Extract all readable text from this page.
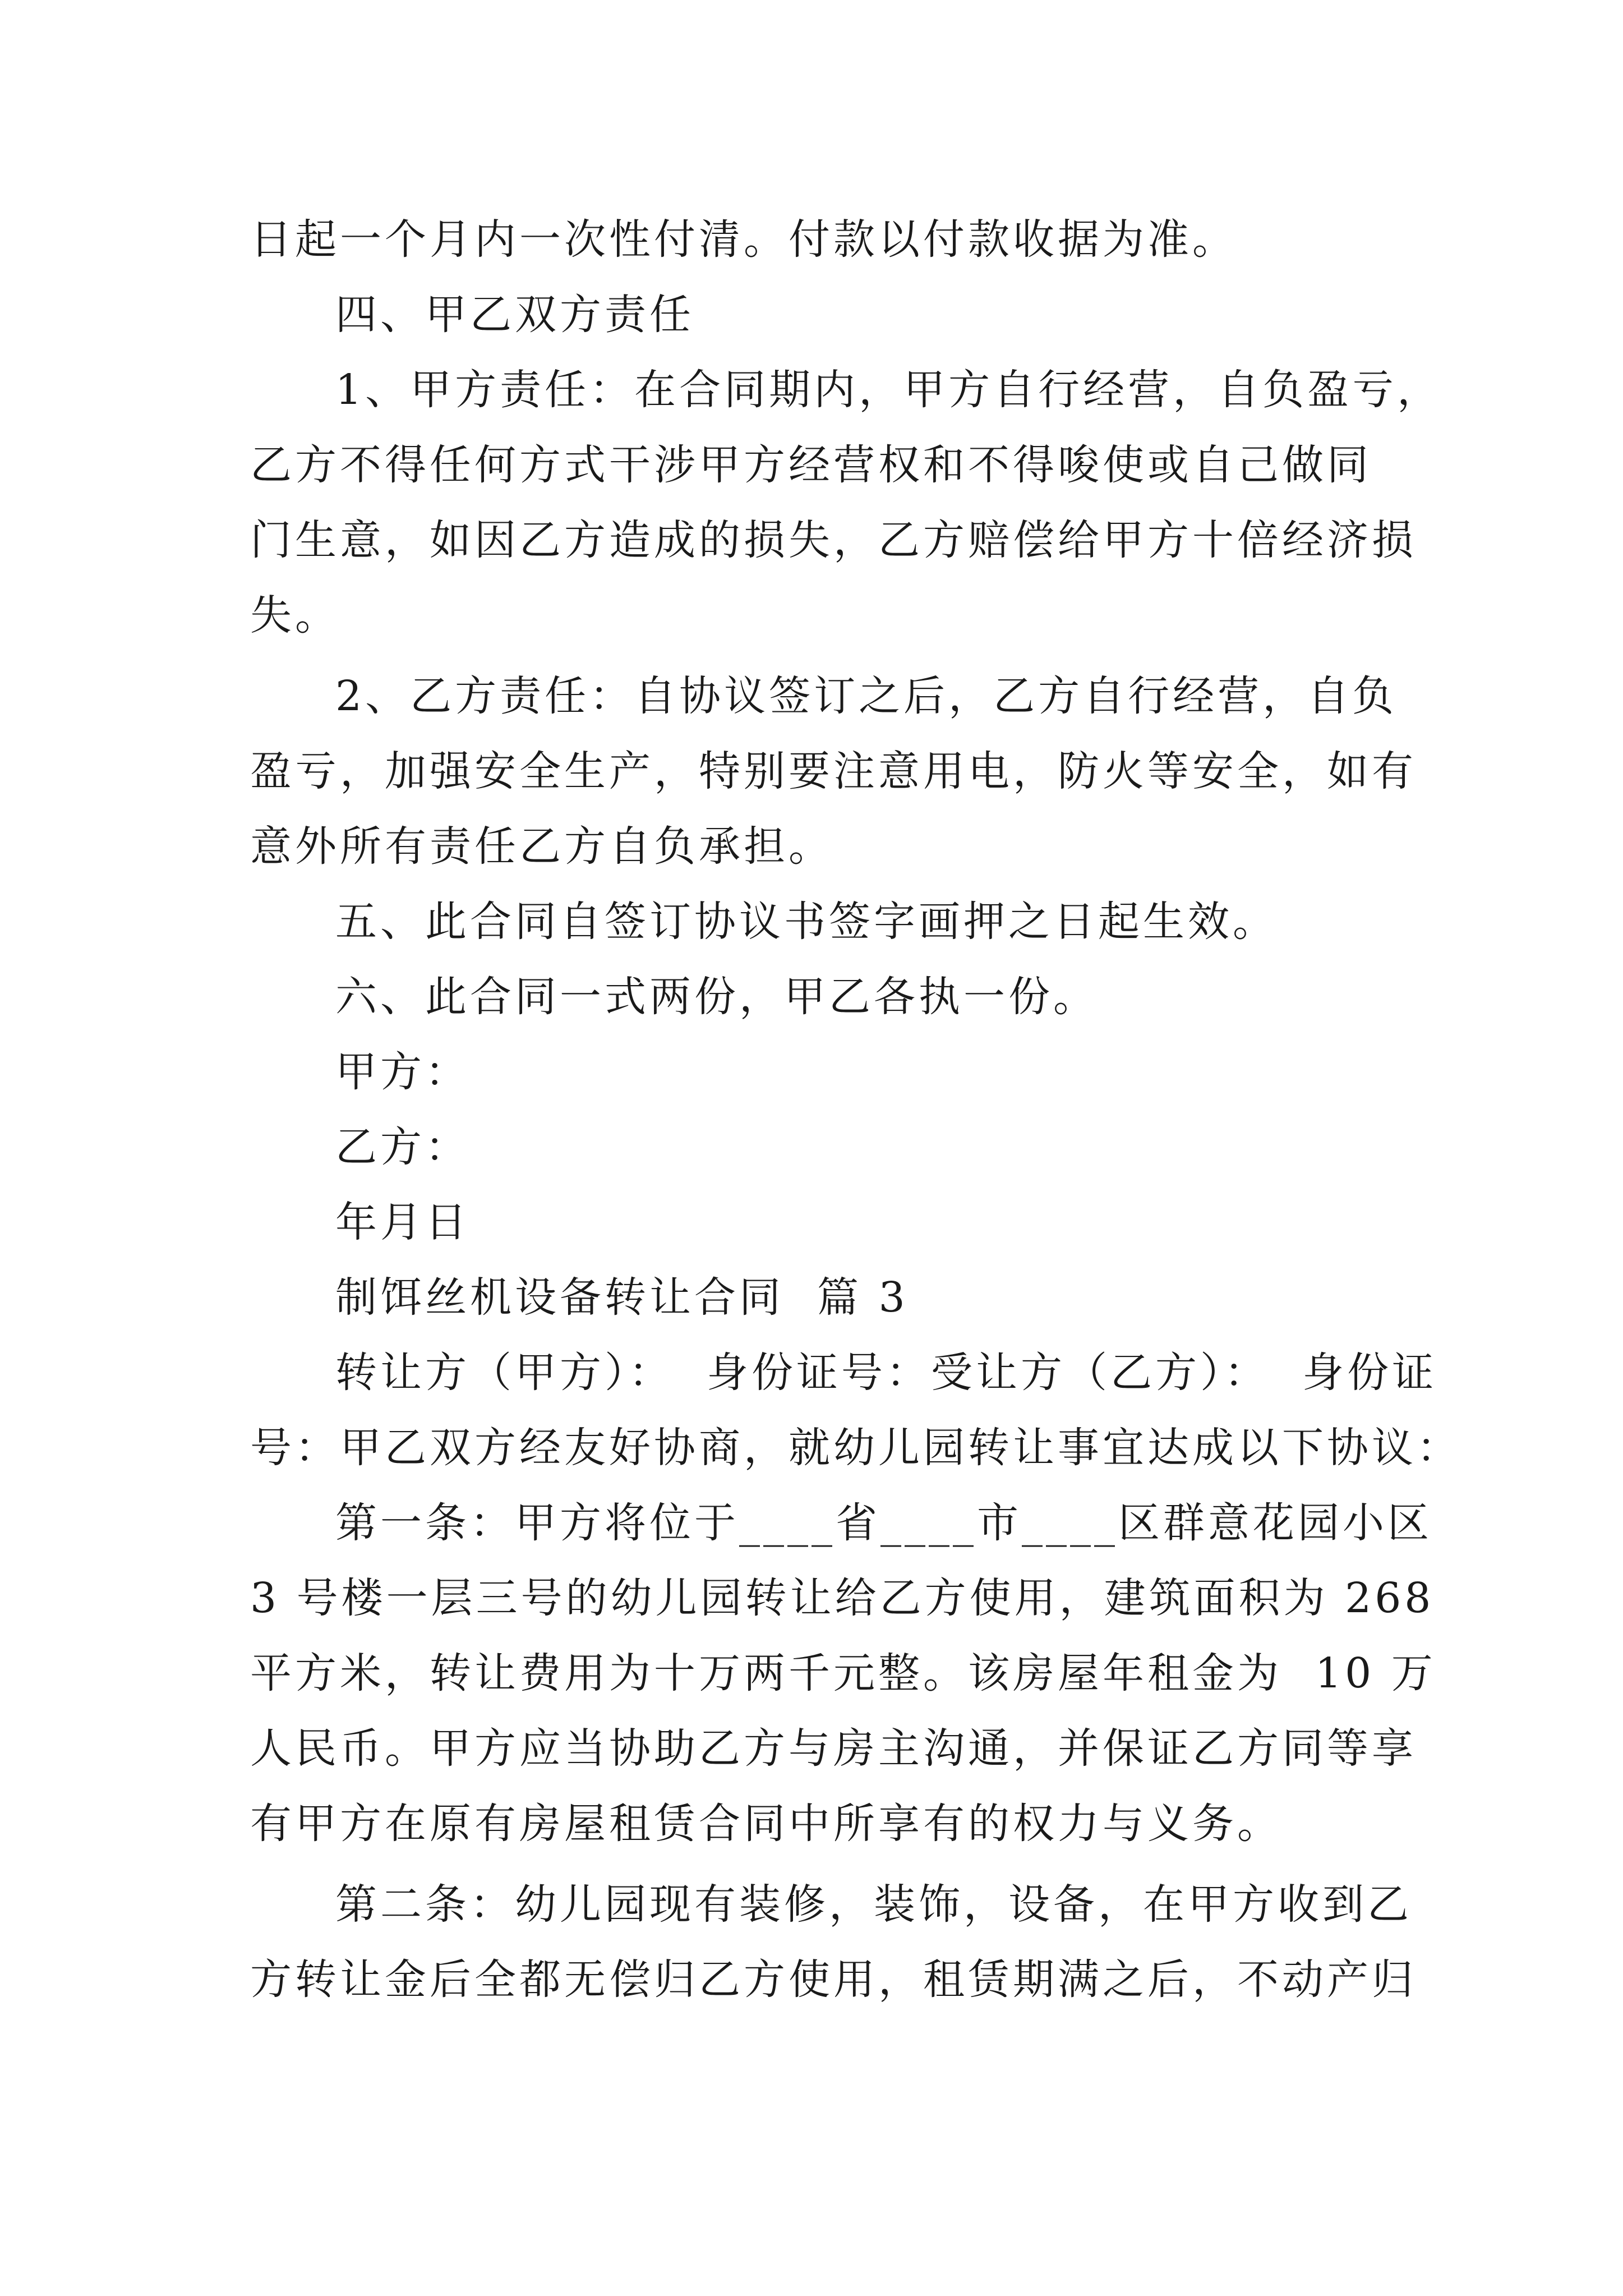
日起一个月内一次性付清。付款以付款收据为准。
四、甲乙双方责任
1、甲方责任：在合同期内，甲方自行经营，自负盈亏，
乙方不得任何方式干涉甲方经营权和不得唆使或自己做同
门生意，如因乙方造成的损失，乙方赔偿给甲方十倍经济损
失。
2、乙方责任：自协议签订之后，乙方自行经营，自负
盈亏，加强安全生产，特别要注意用电，防火等安全，如有
意外所有责任乙方自负承担。
五、此合同自签订协议书签字画押之日起生效。
六、此合同一式两份，甲乙各执一份。
甲方：
乙方：
年月日
制饵丝机设备转让合同  篇 3
转让方（甲方）：  身份证号：受让方（乙方）：  身份证
号：甲乙双方经友好协商，就幼儿园转让事宜达成以下协议：
第一条：甲方将位于____省____市____区群意花园小区
3 号楼一层三号的幼儿园转让给乙方使用，建筑面积为 268
平方米，转让费用为十万两千元整。该房屋年租金为  10 万
人民币。甲方应当协助乙方与房主沟通，并保证乙方同等享
有甲方在原有房屋租赁合同中所享有的权力与义务。
第二条：幼儿园现有装修，装饰，设备，在甲方收到乙
方转让金后全都无偿归乙方使用，租赁期满之后，不动产归
